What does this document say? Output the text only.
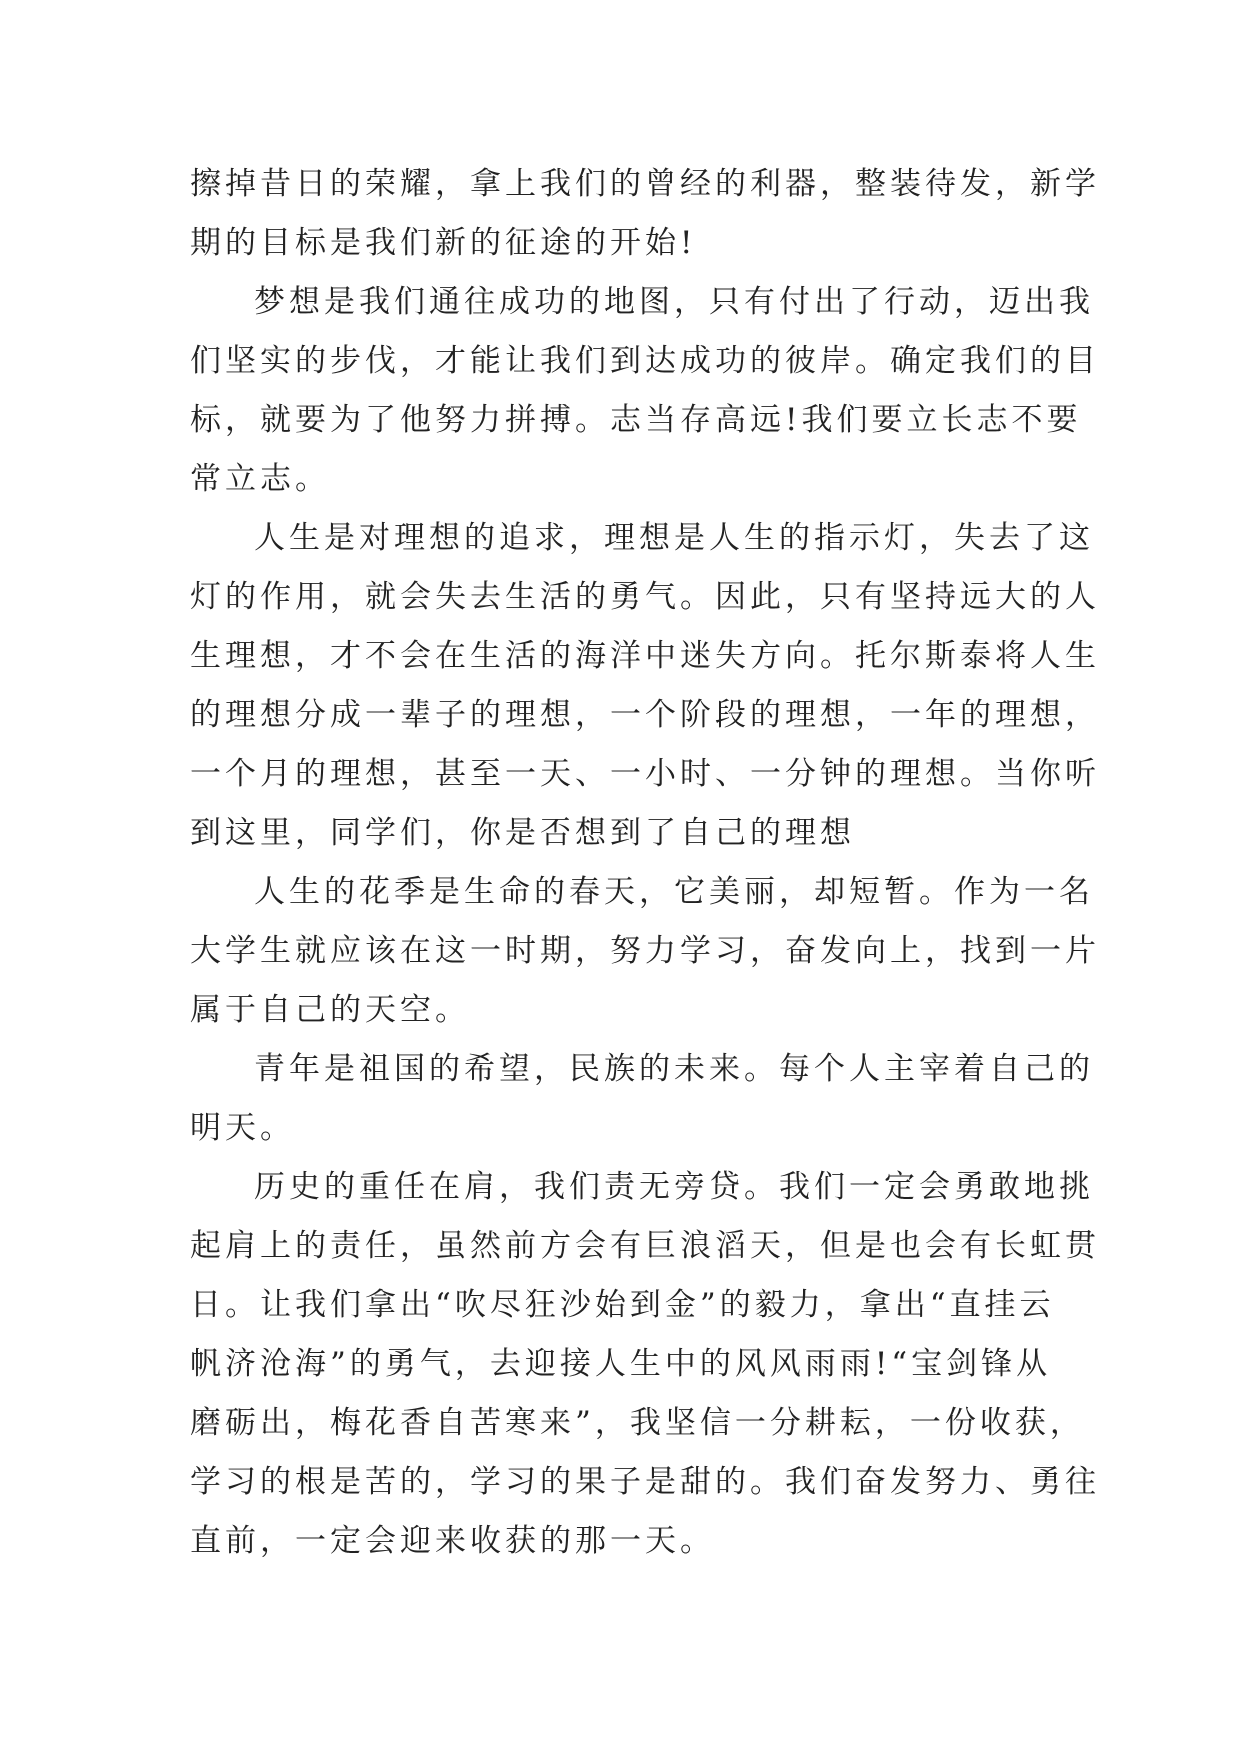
擦掉昔日的荣耀，拿上我们的曾经的利器，整装待发，新学
期的目标是我们新的征途的开始!
梦想是我们通往成功的地图，只有付出了行动，迈出我
们坚实的步伐，才能让我们到达成功的彼岸。确定我们的目
标，就要为了他努力拼搏。志当存高远!我们要立长志不要
常立志。
人生是对理想的追求，理想是人生的指示灯，失去了这
灯的作用，就会失去生活的勇气。因此，只有坚持远大的人
生理想，才不会在生活的海洋中迷失方向。托尔斯泰将人生
的理想分成一辈子的理想，一个阶段的理想，一年的理想，
一个月的理想，甚至一天、一小时、一分钟的理想。当你听
到这里，同学们，你是否想到了自己的理想
人生的花季是生命的春天，它美丽，却短暂。作为一名
大学生就应该在这一时期，努力学习，奋发向上，找到一片
属于自己的天空。
青年是祖国的希望，民族的未来。每个人主宰着自己的
明天。
历史的重任在肩，我们责无旁贷。我们一定会勇敢地挑
起肩上的责任，虽然前方会有巨浪滔天，但是也会有长虹贯
日。让我们拿出“吹尽狂沙始到金”的毅力，拿出“直挂云
帆济沧海”的勇气，去迎接人生中的风风雨雨!“宝剑锋从
磨砺出，梅花香自苦寒来”，我坚信一分耕耘，一份收获，
学习的根是苦的，学习的果子是甜的。我们奋发努力、勇往
直前，一定会迎来收获的那一天。
